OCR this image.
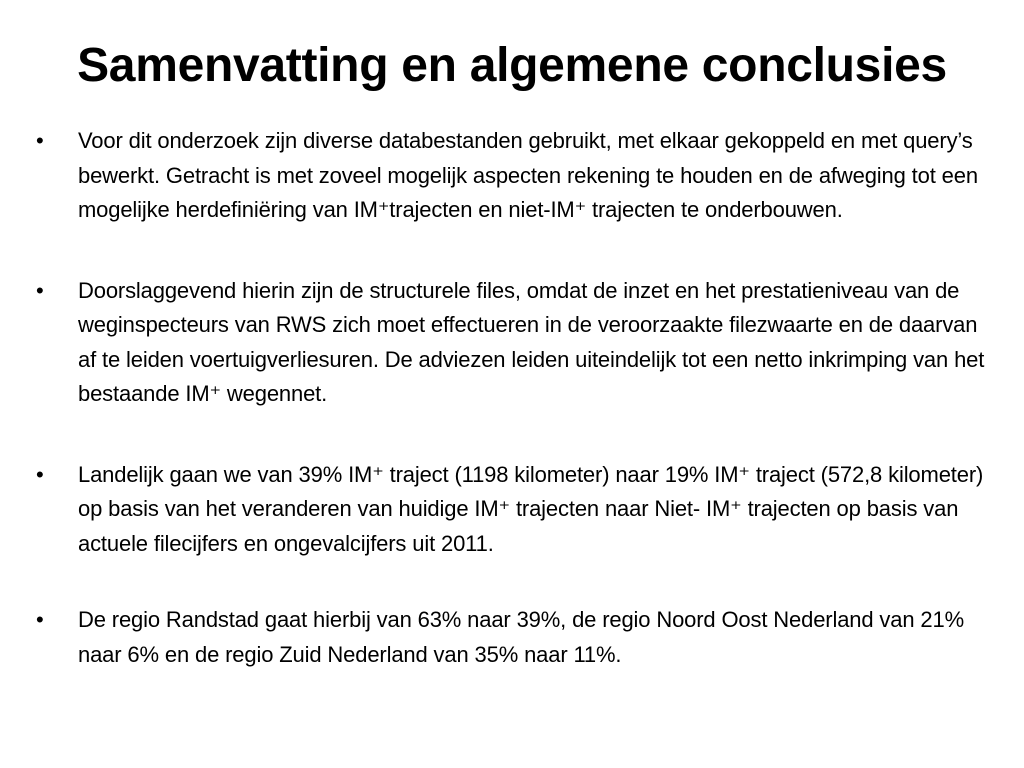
Samenvatting en algemene conclusies
•	Voor dit onderzoek zijn diverse databestanden gebruikt, met elkaar gekoppeld en met query’s bewerkt. Getracht is met zoveel mogelijk aspecten rekening te houden en de afweging tot een mogelijke herdefiniëring van IM⁺trajecten en niet-IM⁺ trajecten te onderbouwen.
•	Doorslaggevend hierin zijn de structurele files, omdat de inzet en het prestatieniveau van de weginspecteurs van RWS zich moet effectueren in de veroorzaakte filezwaarte en de daarvan af te leiden voertuigverliesuren. De adviezen leiden uiteindelijk tot een netto inkrimping van het bestaande IM⁺ wegennet.
•	Landelijk gaan we van 39% IM⁺ traject (1198 kilometer) naar 19% IM⁺ traject (572,8 kilometer) op basis van het veranderen van huidige IM⁺ trajecten naar Niet- IM⁺ trajecten op basis van actuele filecijfers en ongevalcijfers uit 2011.
•	De regio Randstad gaat hierbij van 63% naar 39%, de regio Noord Oost Nederland van 21% naar 6% en de regio Zuid Nederland van 35% naar 11%.
